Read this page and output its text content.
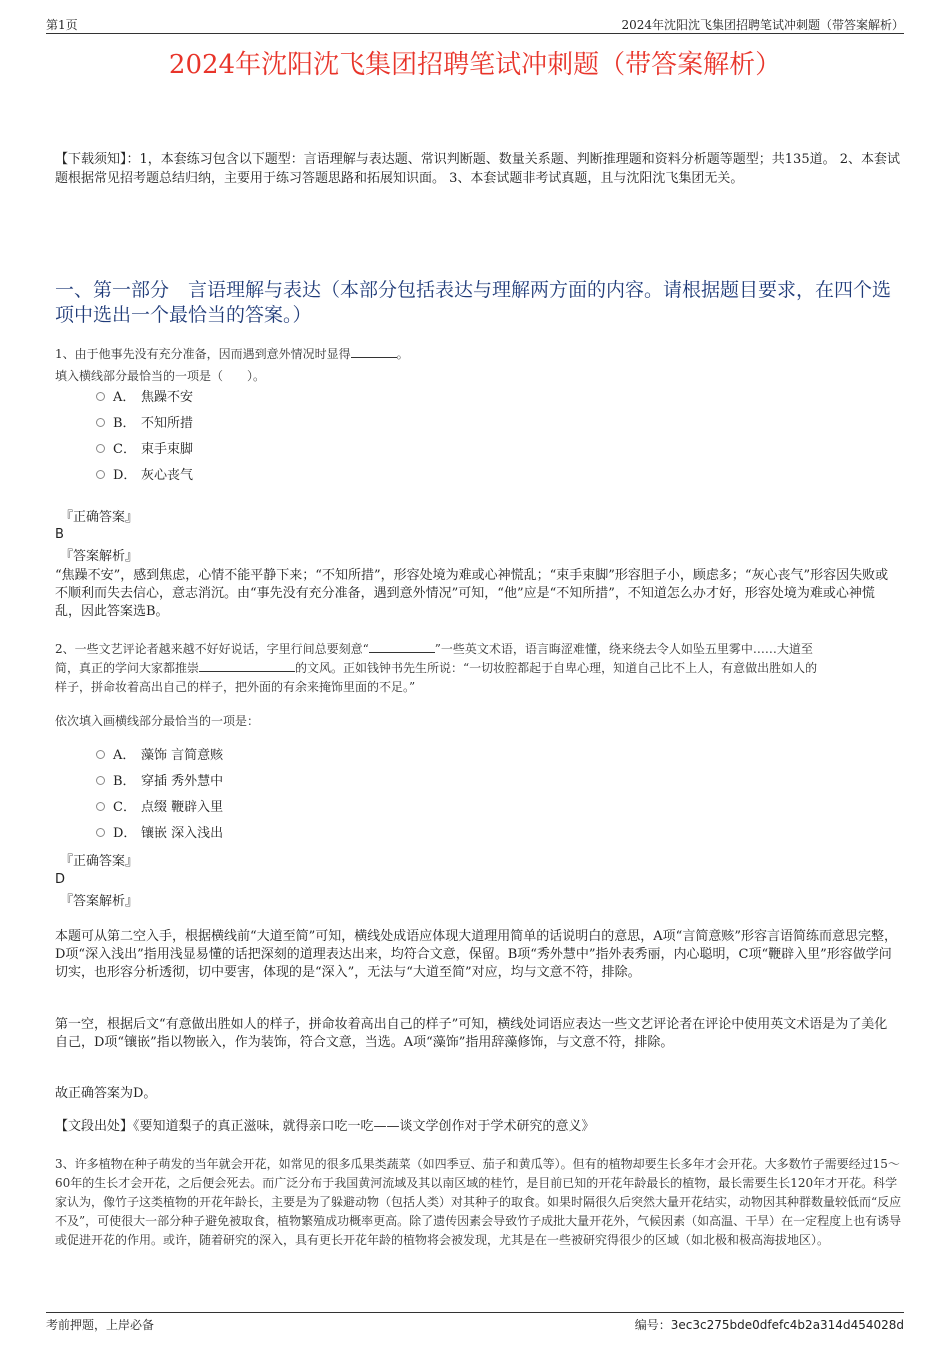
第1页	2024年沈阳沈飞集团招聘笔试冲刺题（带答案解析）
2024年沈阳沈飞集团招聘笔试冲刺题（带答案解析）
【下载须知】：1，本套练习包含以下题型：言语理解与表达题、常识判断题、数量关系题、判断推理题和资料分析题等题型；共135道。 2、本套试题根据常见招考题总结归纳，主要用于练习答题思路和拓展知识面。 3、本套试题非考试真题，且与沈阳沈飞集团无关。
一、第一部分　言语理解与表达（本部分包括表达与理解两方面的内容。请根据题目要求，在四个选项中选出一个最恰当的答案。）
1、由于他事先没有充分准备，因而遇到意外情况时显得	。
填入横线部分最恰当的一项是（　　）。
A． 焦躁不安
B． 不知所措
C． 束手束脚
D． 灰心丧气
『正确答案』
B
『答案解析』
“焦躁不安”，感到焦虑，心情不能平静下来；“不知所措”，形容处境为难或心神慌乱；“束手束脚”形容胆子小，顾虑多；“灰心丧气”形容因失败或不顺利而失去信心，意志消沉。由“事先没有充分准备，遇到意外情况”可知，“他”应是“不知所措”，不知道怎么办才好，形容处境为难或心神慌乱，因此答案选B。
2、一些文艺评论者越来越不好好说话，字里行间总要刻意“	”一些英文术语，语言晦涩难懂，绕来绕去令人如坠五里雾中……大道至
简，真正的学问大家都推崇	的文风。正如钱钟书先生所说：“一切妆腔都起于自卑心理，知道自己比不上人，有意做出胜如人的
样子，拼命妆着高出自己的样子，把外面的有余来掩饰里面的不足。”
依次填入画横线部分最恰当的一项是：
A． 藻饰 言简意赅
B． 穿插 秀外慧中
C． 点缀 鞭辟入里
D． 镶嵌 深入浅出
『正确答案』
D
『答案解析』
本题可从第二空入手，根据横线前“大道至简”可知，横线处成语应体现大道理用简单的话说明白的意思，A项“言简意赅”形容言语简练而意思完整，D项“深入浅出”指用浅显易懂的话把深刻的道理表达出来，均符合文意，保留。B项“秀外慧中”指外表秀丽，内心聪明，C项“鞭辟入里”形容做学问切实，也形容分析透彻，切中要害，体现的是“深入”，无法与“大道至简”对应，均与文意不符，排除。
第一空，根据后文“有意做出胜如人的样子，拼命妆着高出自己的样子”可知，横线处词语应表达一些文艺评论者在评论中使用英文术语是为了美化自己，D项“镶嵌”指以物嵌入，作为装饰，符合文意，当选。A项“藻饰”指用辞藻修饰，与文意不符，排除。
故正确答案为D。
【文段出处】《要知道梨子的真正滋味，就得亲口吃一吃——谈文学创作对于学术研究的意义》
3、许多植物在种子萌发的当年就会开花，如常见的很多瓜果类蔬菜（如四季豆、茄子和黄瓜等）。但有的植物却要生长多年才会开花。大多数竹子需要经过15～60年的生长才会开花，之后便会死去。而广泛分布于我国黄河流域及其以南区域的桂竹，是目前已知的开花年龄最长的植物，最长需要生长120年才开花。科学家认为，像竹子这类植物的开花年龄长，主要是为了躲避动物（包括人类）对其种子的取食。如果时隔很久后突然大量开花结实，动物因其种群数量较低而“反应不及”，可使很大一部分种子避免被取食，植物繁殖成功概率更高。除了遗传因素会导致竹子成批大量开花外，气候因素（如高温、干旱）在一定程度上也有诱导或促进开花的作用。或许，随着研究的深入，具有更长开花年龄的植物将会被发现，尤其是在一些被研究得很少的区域（如北极和极高海拔地区）。
考前押题，上岸必备	编号：3ec3c275bde0dfefc4b2a314d454028d
